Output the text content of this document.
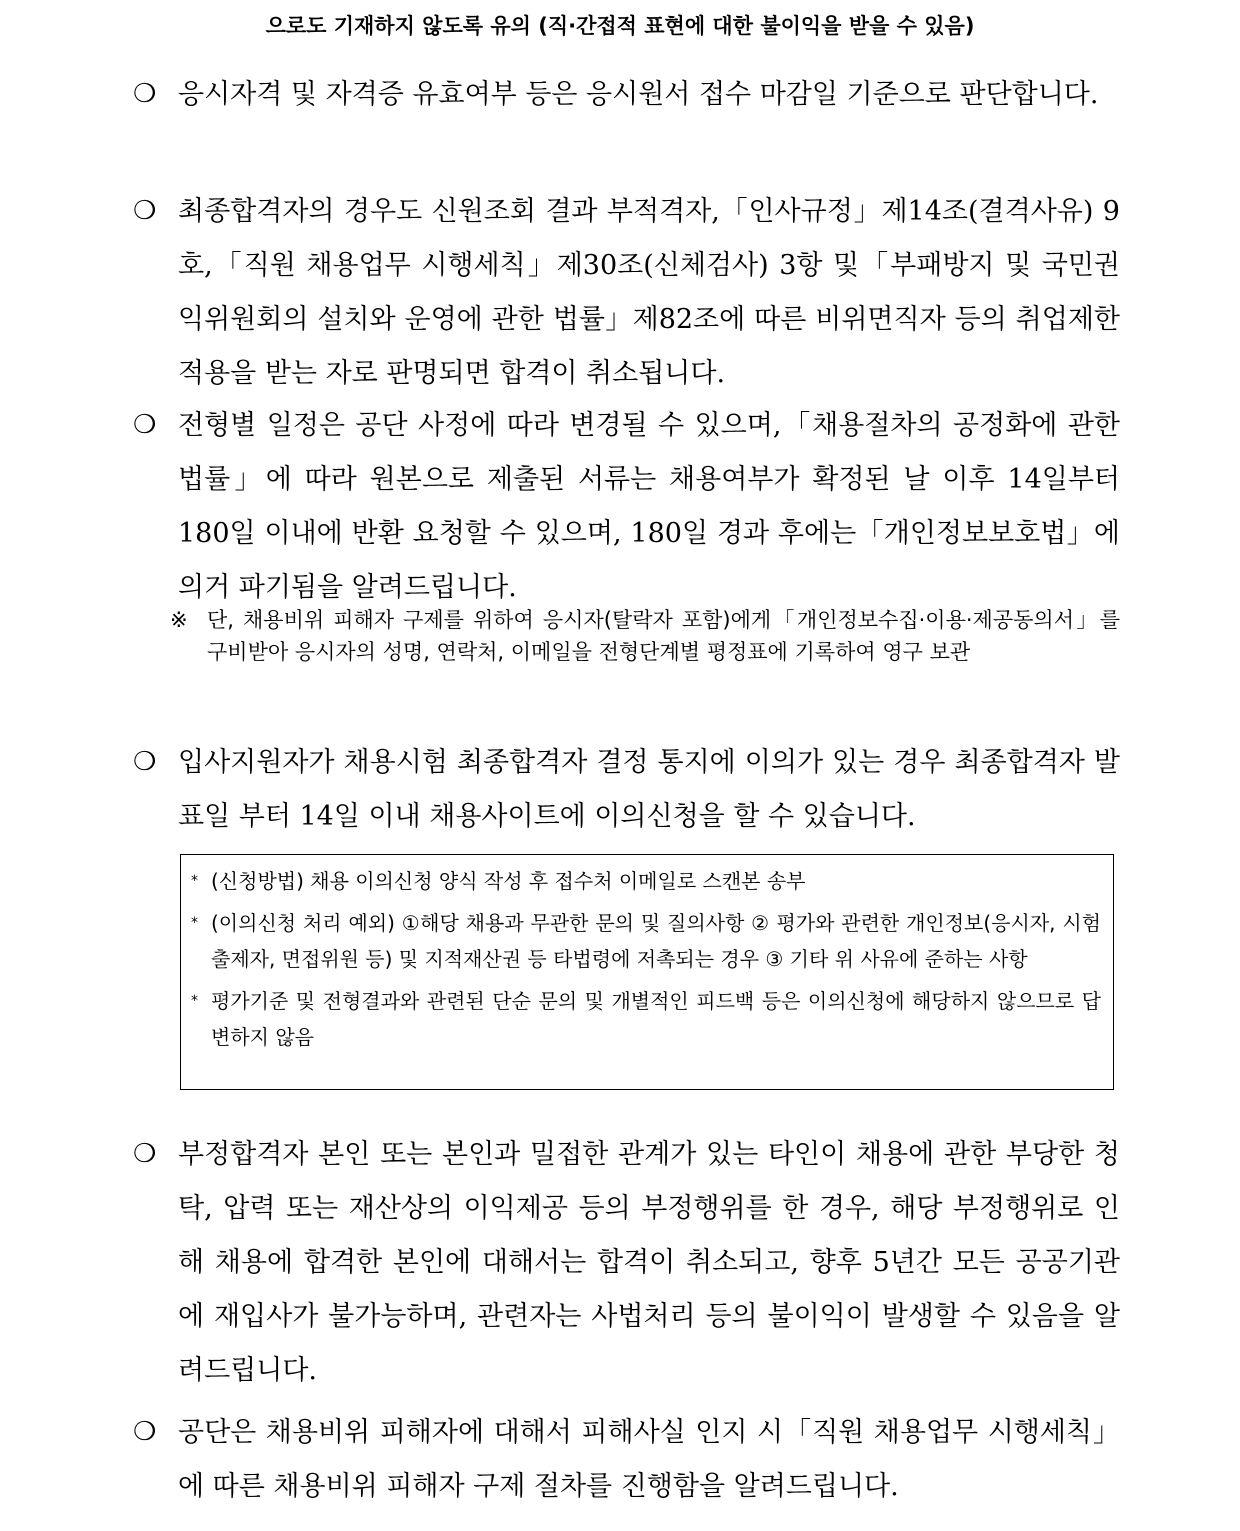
으로도 기재하지 않도록 유의 (직·간접적 표현에 대한 불이익을 받을 수 있음)
❍ 응시자격 및 자격증 유효여부 등은 응시원서 접수 마감일 기준으로 판단합니다.
❍ 최종합격자의 경우도 신원조회 결과 부적격자,「인사규정」제14조(결격사유) 9호,「직원 채용업무 시행세칙」제30조(신체검사) 3항 및「부패방지 및 국민권익위원회의 설치와 운영에 관한 법률」제82조에 따른 비위면직자 등의 취업제한 적용을 받는 자로 판명되면 합격이 취소됩니다.
❍ 전형별 일정은 공단 사정에 따라 변경될 수 있으며,「채용절차의 공정화에 관한 법률」에 따라 원본으로 제출된 서류는 채용여부가 확정된 날 이후 14일부터 180일 이내에 반환 요청할 수 있으며, 180일 경과 후에는「개인정보보호법」에 의거 파기됨을 알려드립니다.
※ 단, 채용비위 피해자 구제를 위하여 응시자(탈락자 포함)에게「개인정보수집·이용·제공동의서」를 구비받아 응시자의 성명, 연락처, 이메일을 전형단계별 평정표에 기록하여 영구 보관
❍ 입사지원자가 채용시험 최종합격자 결정 통지에 이의가 있는 경우 최종합격자 발표일 부터 14일 이내 채용사이트에 이의신청을 할 수 있습니다.
* (신청방법) 채용 이의신청 양식 작성 후 접수처 이메일로 스캔본 송부
* (이의신청 처리 예외) ①해당 채용과 무관한 문의 및 질의사항 ② 평가와 관련한 개인정보(응시자, 시험출제자, 면접위원 등) 및 지적재산권 등 타법령에 저촉되는 경우 ③ 기타 위 사유에 준하는 사항
* 평가기준 및 전형결과와 관련된 단순 문의 및 개별적인 피드백 등은 이의신청에 해당하지 않으므로 답변하지 않음
❍ 부정합격자 본인 또는 본인과 밀접한 관계가 있는 타인이 채용에 관한 부당한 청탁, 압력 또는 재산상의 이익제공 등의 부정행위를 한 경우, 해당 부정행위로 인해 채용에 합격한 본인에 대해서는 합격이 취소되고, 향후 5년간 모든 공공기관에 재입사가 불가능하며, 관련자는 사법처리 등의 불이익이 발생할 수 있음을 알려드립니다.
❍ 공단은 채용비위 피해자에 대해서 피해사실 인지 시「직원 채용업무 시행세칙」에 따른 채용비위 피해자 구제 절차를 진행함을 알려드립니다.
